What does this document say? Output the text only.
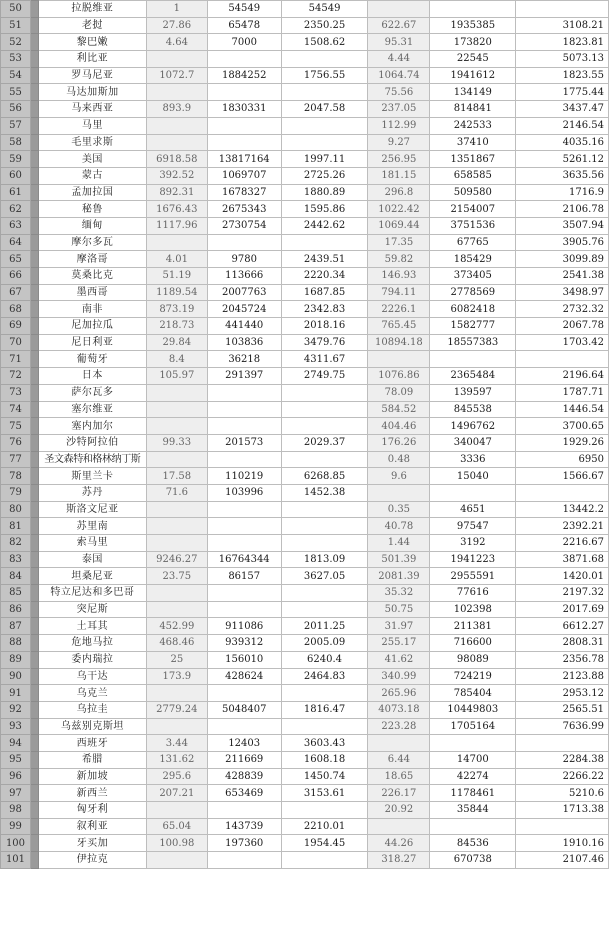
50		拉脱维亚	1	54549	54549			
51		老挝	27.86	65478	2350.25	622.67	1935385	3108.21
52		黎巴嫩	4.64	7000	1508.62	95.31	173820	1823.81
53		利比亚				4.44	22545	5073.13
54		罗马尼亚	1072.7	1884252	1756.55	1064.74	1941612	1823.55
55		马达加斯加				75.56	134149	1775.44
56		马来西亚	893.9	1830331	2047.58	237.05	814841	3437.47
57		马里				112.99	242533	2146.54
58		毛里求斯				9.27	37410	4035.16
59		美国	6918.58	13817164	1997.11	256.95	1351867	5261.12
60		蒙古	392.52	1069707	2725.26	181.15	658585	3635.56
61		孟加拉国	892.31	1678327	1880.89	296.8	509580	1716.9
62		秘鲁	1676.43	2675343	1595.86	1022.42	2154007	2106.78
63		缅甸	1117.96	2730754	2442.62	1069.44	3751536	3507.94
64		摩尔多瓦				17.35	67765	3905.76
65		摩洛哥	4.01	9780	2439.51	59.82	185429	3099.89
66		莫桑比克	51.19	113666	2220.34	146.93	373405	2541.38
67		墨西哥	1189.54	2007763	1687.85	794.11	2778569	3498.97
68		南非	873.19	2045724	2342.83	2226.1	6082418	2732.32
69		尼加拉瓜	218.73	441440	2018.16	765.45	1582777	2067.78
70		尼日利亚	29.84	103836	3479.76	10894.18	18557383	1703.42
71		葡萄牙	8.4	36218	4311.67			
72		日本	105.97	291397	2749.75	1076.86	2365484	2196.64
73		萨尔瓦多				78.09	139597	1787.71
74		塞尔维亚				584.52	845538	1446.54
75		塞内加尔				404.46	1496762	3700.65
76		沙特阿拉伯	99.33	201573	2029.37	176.26	340047	1929.26
77		圣文森特和格林纳丁斯				0.48	3336	6950
78		斯里兰卡	17.58	110219	6268.85	9.6	15040	1566.67
79		苏丹	71.6	103996	1452.38			
80		斯洛文尼亚				0.35	4651	13442.2
81		苏里南				40.78	97547	2392.21
82		索马里				1.44	3192	2216.67
83		泰国	9246.27	16764344	1813.09	501.39	1941223	3871.68
84		坦桑尼亚	23.75	86157	3627.05	2081.39	2955591	1420.01
85		特立尼达和多巴哥				35.32	77616	2197.32
86		突尼斯				50.75	102398	2017.69
87		土耳其	452.99	911086	2011.25	31.97	211381	6612.27
88		危地马拉	468.46	939312	2005.09	255.17	716600	2808.31
89		委内瑞拉	25	156010	6240.4	41.62	98089	2356.78
90		乌干达	173.9	428624	2464.83	340.99	724219	2123.88
91		乌克兰				265.96	785404	2953.12
92		乌拉圭	2779.24	5048407	1816.47	4073.18	10449803	2565.51
93		乌兹别克斯坦				223.28	1705164	7636.99
94		西班牙	3.44	12403	3603.43			
95		希腊	131.62	211669	1608.18	6.44	14700	2284.38
96		新加坡	295.6	428839	1450.74	18.65	42274	2266.22
97		新西兰	207.21	653469	3153.61	226.17	1178461	5210.6
98		匈牙利				20.92	35844	1713.38
99		叙利亚	65.04	143739	2210.01			
100		牙买加	100.98	197360	1954.45	44.26	84536	1910.16
101		伊拉克				318.27	670738	2107.46
